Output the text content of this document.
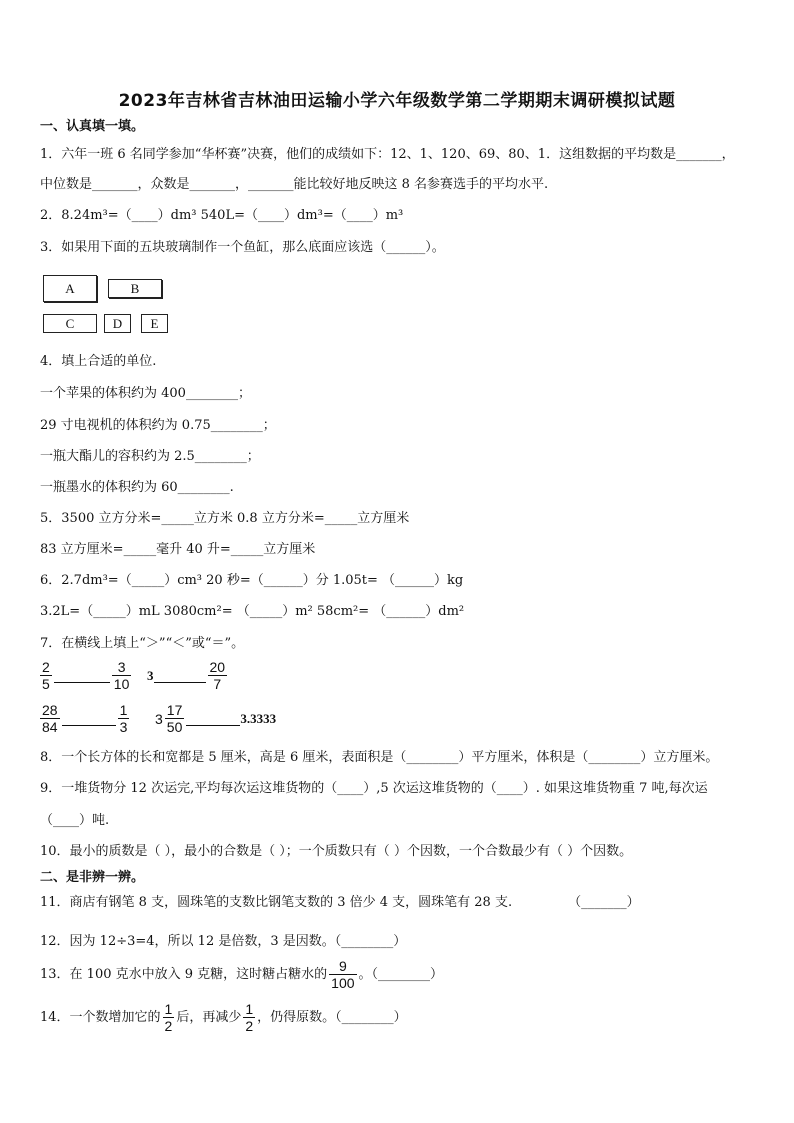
2023年吉林省吉林油田运输小学六年级数学第二学期期末调研模拟试题
一、认真填一填。
1．六年一班 6 名同学参加“华杯赛”决赛，他们的成绩如下：12、1、120、69、80、1．这组数据的平均数是_______，
中位数是_______，众数是_______，_______能比较好地反映这 8 名参赛选手的平均水平.
2．8.24m³=（____）dm³ 540L=（____）dm³=（____）m³
3．如果用下面的五块玻璃制作一个鱼缸，那么底面应该选（______）。
A	B
C	D	E
4．填上合适的单位.
一个苹果的体积约为 400________；
29 寸电视机的体积约为 0.75________；
一瓶大酯儿的容积约为 2.5________；
一瓶墨水的体积约为 60________.
5．3500 立方分米=_____立方米 0.8 立方分米=_____立方厘米
83 立方厘米=_____毫升 40 升=_____立方厘米
6．2.7dm³=（_____）cm³ 20 秒=（______）分 1.05t= （______）kg
3.2L=（_____）mL 3080cm²= （_____）m² 58cm²= （______）dm²
7．在横线上填上“＞”“＜”或“＝”。
$\frac{2}{5}$	$\frac{3}{10} 3$	$\frac{20}{7}$
$\frac{28}{84}$	$\frac{1}{3} 3 \frac{17}{50}$	3.3333
8．一个长方体的长和宽都是 5 厘米，高是 6 厘米，表面积是（________）平方厘米，体积是（________）立方厘米。
9．一堆货物分 12 次运完,平均每次运这堆货物的（____）,5 次运这堆货物的（____）. 如果这堆货物重 7 吨,每次运
（____）吨.
10．最小的质数是（ ），最小的合数是（ ）；一个质数只有（ ）个因数，一个合数最少有（ ）个因数。
二、是非辨一辨。
11．商店有钢笔 8 支，圆珠笔的支数比钢笔支数的 3 倍少 4 支，圆珠笔有 28 支.	（_______）
12．因为 12÷3=4，所以 12 是倍数，3 是因数。（________）
13．在 100 克水中放入 9 克糖，这时糖占糖水的 $\frac{9}{100}$ 。（________）
14．一个数增加它的 $\frac{1}{2}$ 后，再减少 $\frac{1}{2}$ ，仍得原数。（________）
